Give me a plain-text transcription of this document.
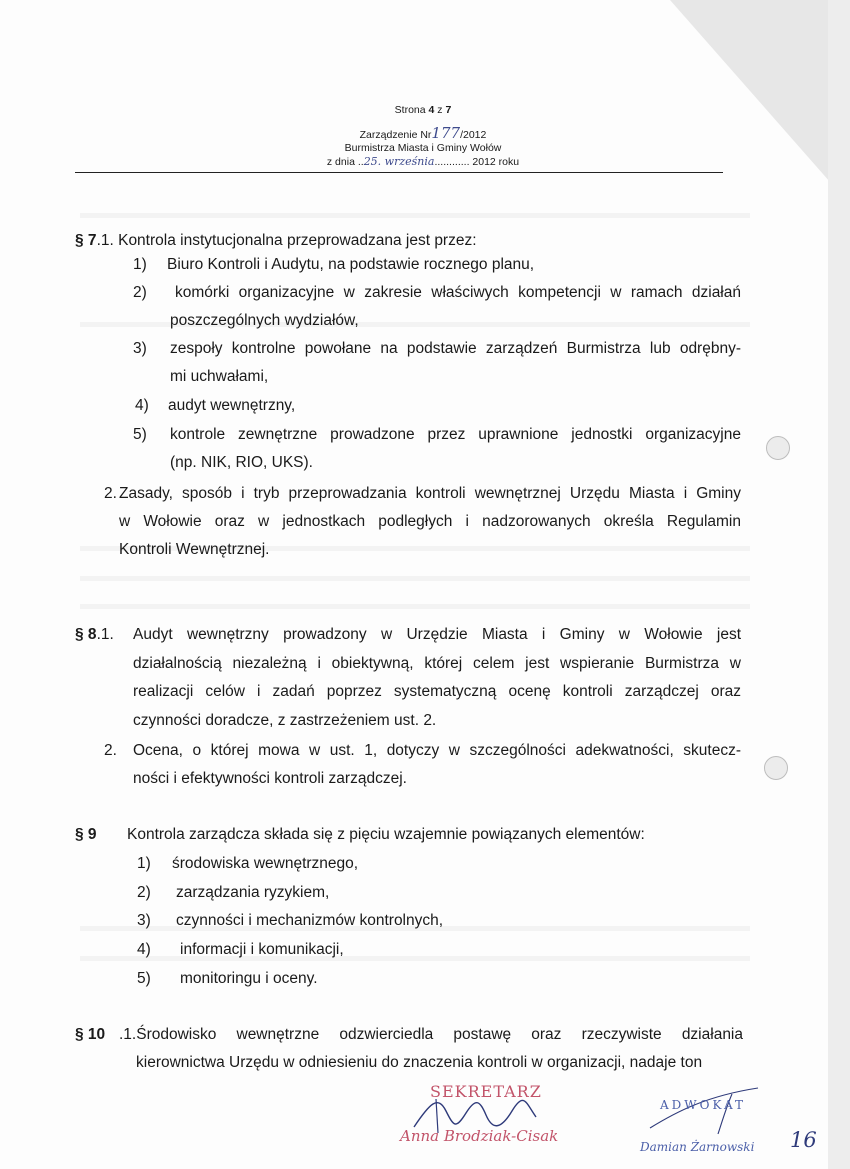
Strona 4 z 7
Zarządzenie Nr177/2012
Burmistrza Miasta i Gminy Wołów
z dnia ..25. września............ 2012 roku
§ 7.1. Kontrola instytucjonalna przeprowadzana jest przez:
1) Biuro Kontroli i Audytu, na podstawie rocznego planu,
2) komórki organizacyjne w zakresie właściwych kompetencji w ramach działań
poszczególnych wydziałów,
3) zespoły kontrolne powołane na podstawie zarządzeń Burmistrza lub odrębny-
mi uchwałami,
4) audyt wewnętrzny,
5) kontrole zewnętrzne prowadzone przez uprawnione jednostki organizacyjne
(np. NIK, RIO, UKS).
2. Zasady, sposób i tryb przeprowadzania kontroli wewnętrznej Urzędu Miasta i Gminy
w Wołowie oraz w jednostkach podległych i nadzorowanych określa Regulamin
Kontroli Wewnętrznej.
§ 8.1. Audyt wewnętrzny prowadzony w Urzędzie Miasta i Gminy w Wołowie jest
działalnością niezależną i obiektywną, której celem jest wspieranie Burmistrza w
realizacji celów i zadań poprzez systematyczną ocenę kontroli zarządczej oraz
czynności doradcze, z zastrzeżeniem ust. 2.
2. Ocena, o której mowa w ust. 1, dotyczy w szczególności adekwatności, skutecz-
ności i efektywności kontroli zarządczej.
§ 9 Kontrola zarządcza składa się z pięciu wzajemnie powiązanych elementów:
1) środowiska wewnętrznego,
2) zarządzania ryzykiem,
3) czynności i mechanizmów kontrolnych,
4) informacji i komunikacji,
5) monitoringu i oceny.
§ 10 .1.Środowisko wewnętrzne odzwierciedla postawę oraz rzeczywiste działania
kierownictwa Urzędu w odniesieniu do znaczenia kontroli w organizacji, nadaje ton
SEKRETARZ
Anna Brodziak-Cisak
ADWOKAT
Damian Żarnowski 16
